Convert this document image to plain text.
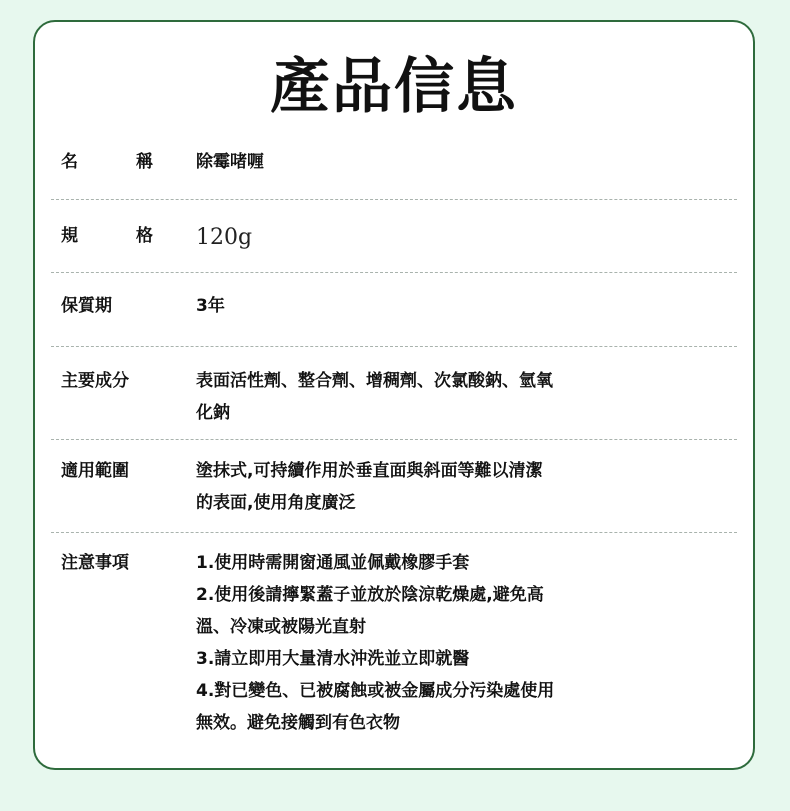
產品信息
名	稱	除霉啫喱
規	格 120g
保質期	3年
主要成分	表面活性劑、整合劑、增稠劑、次氯酸鈉、氫氧
化鈉
適用範圍	塗抹式,可持續作用於垂直面與斜面等難以清潔
的表面,使用角度廣泛
注意事項	1.使用時需開窗通風並佩戴橡膠手套
2.使用後請擰緊蓋子並放於陰涼乾燥處,避免高
溫、冷凍或被陽光直射
3.請立即用大量清水沖洗並立即就醫
4.對已變色、已被腐蝕或被金屬成分污染處使用
無效。避免接觸到有色衣物
